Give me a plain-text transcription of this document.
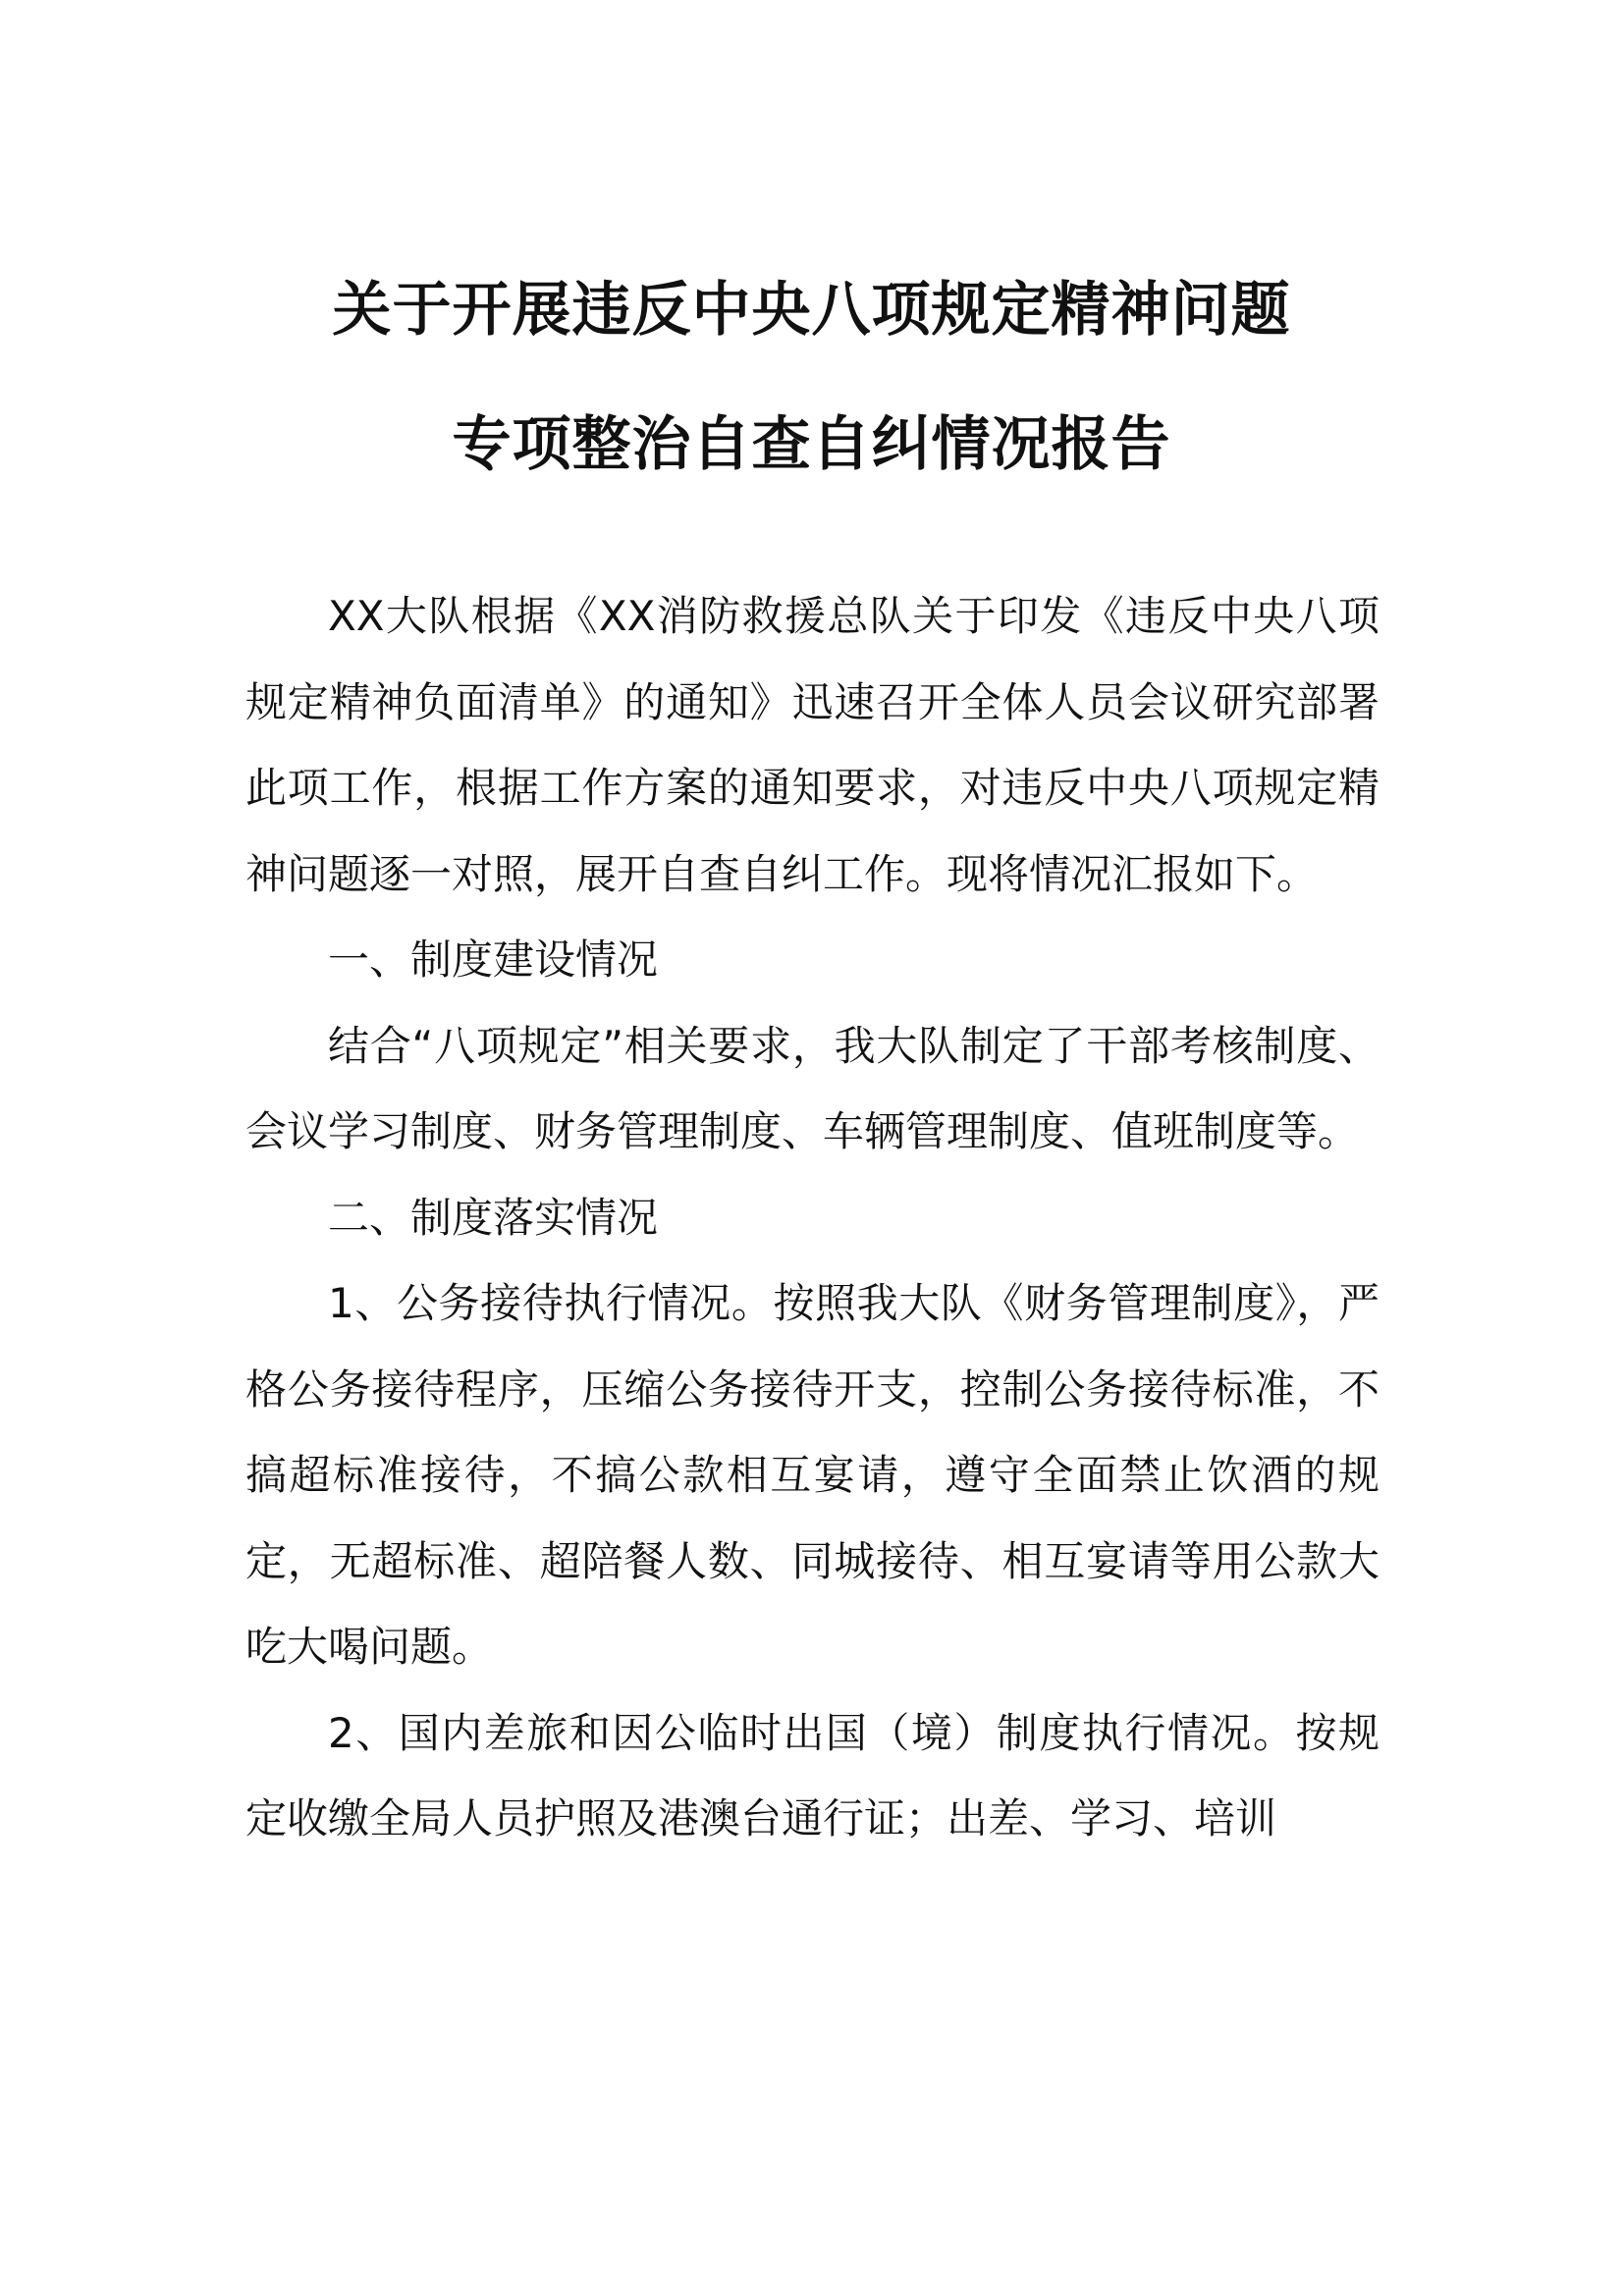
关于开展违反中央八项规定精神问题
专项整治自查自纠情况报告

XX大队根据《XX消防救援总队关于印发《违反中央八项规定精神负面清单》的通知》迅速召开全体人员会议研究部署此项工作，根据工作方案的通知要求，对违反中央八项规定精神问题逐一对照，展开自查自纠工作。现将情况汇报如下。

一、制度建设情况

结合“八项规定”相关要求，我大队制定了干部考核制度、会议学习制度、财务管理制度、车辆管理制度、值班制度等。

二、制度落实情况

1、公务接待执行情况。按照我大队《财务管理制度》，严格公务接待程序，压缩公务接待开支，控制公务接待标准，不搞超标准接待，不搞公款相互宴请，遵守全面禁止饮酒的规定，无超标准、超陪餐人数、同城接待、相互宴请等用公款大吃大喝问题。

2、国内差旅和因公临时出国（境）制度执行情况。按规定收缴全局人员护照及港澳台通行证；出差、学习、培训
